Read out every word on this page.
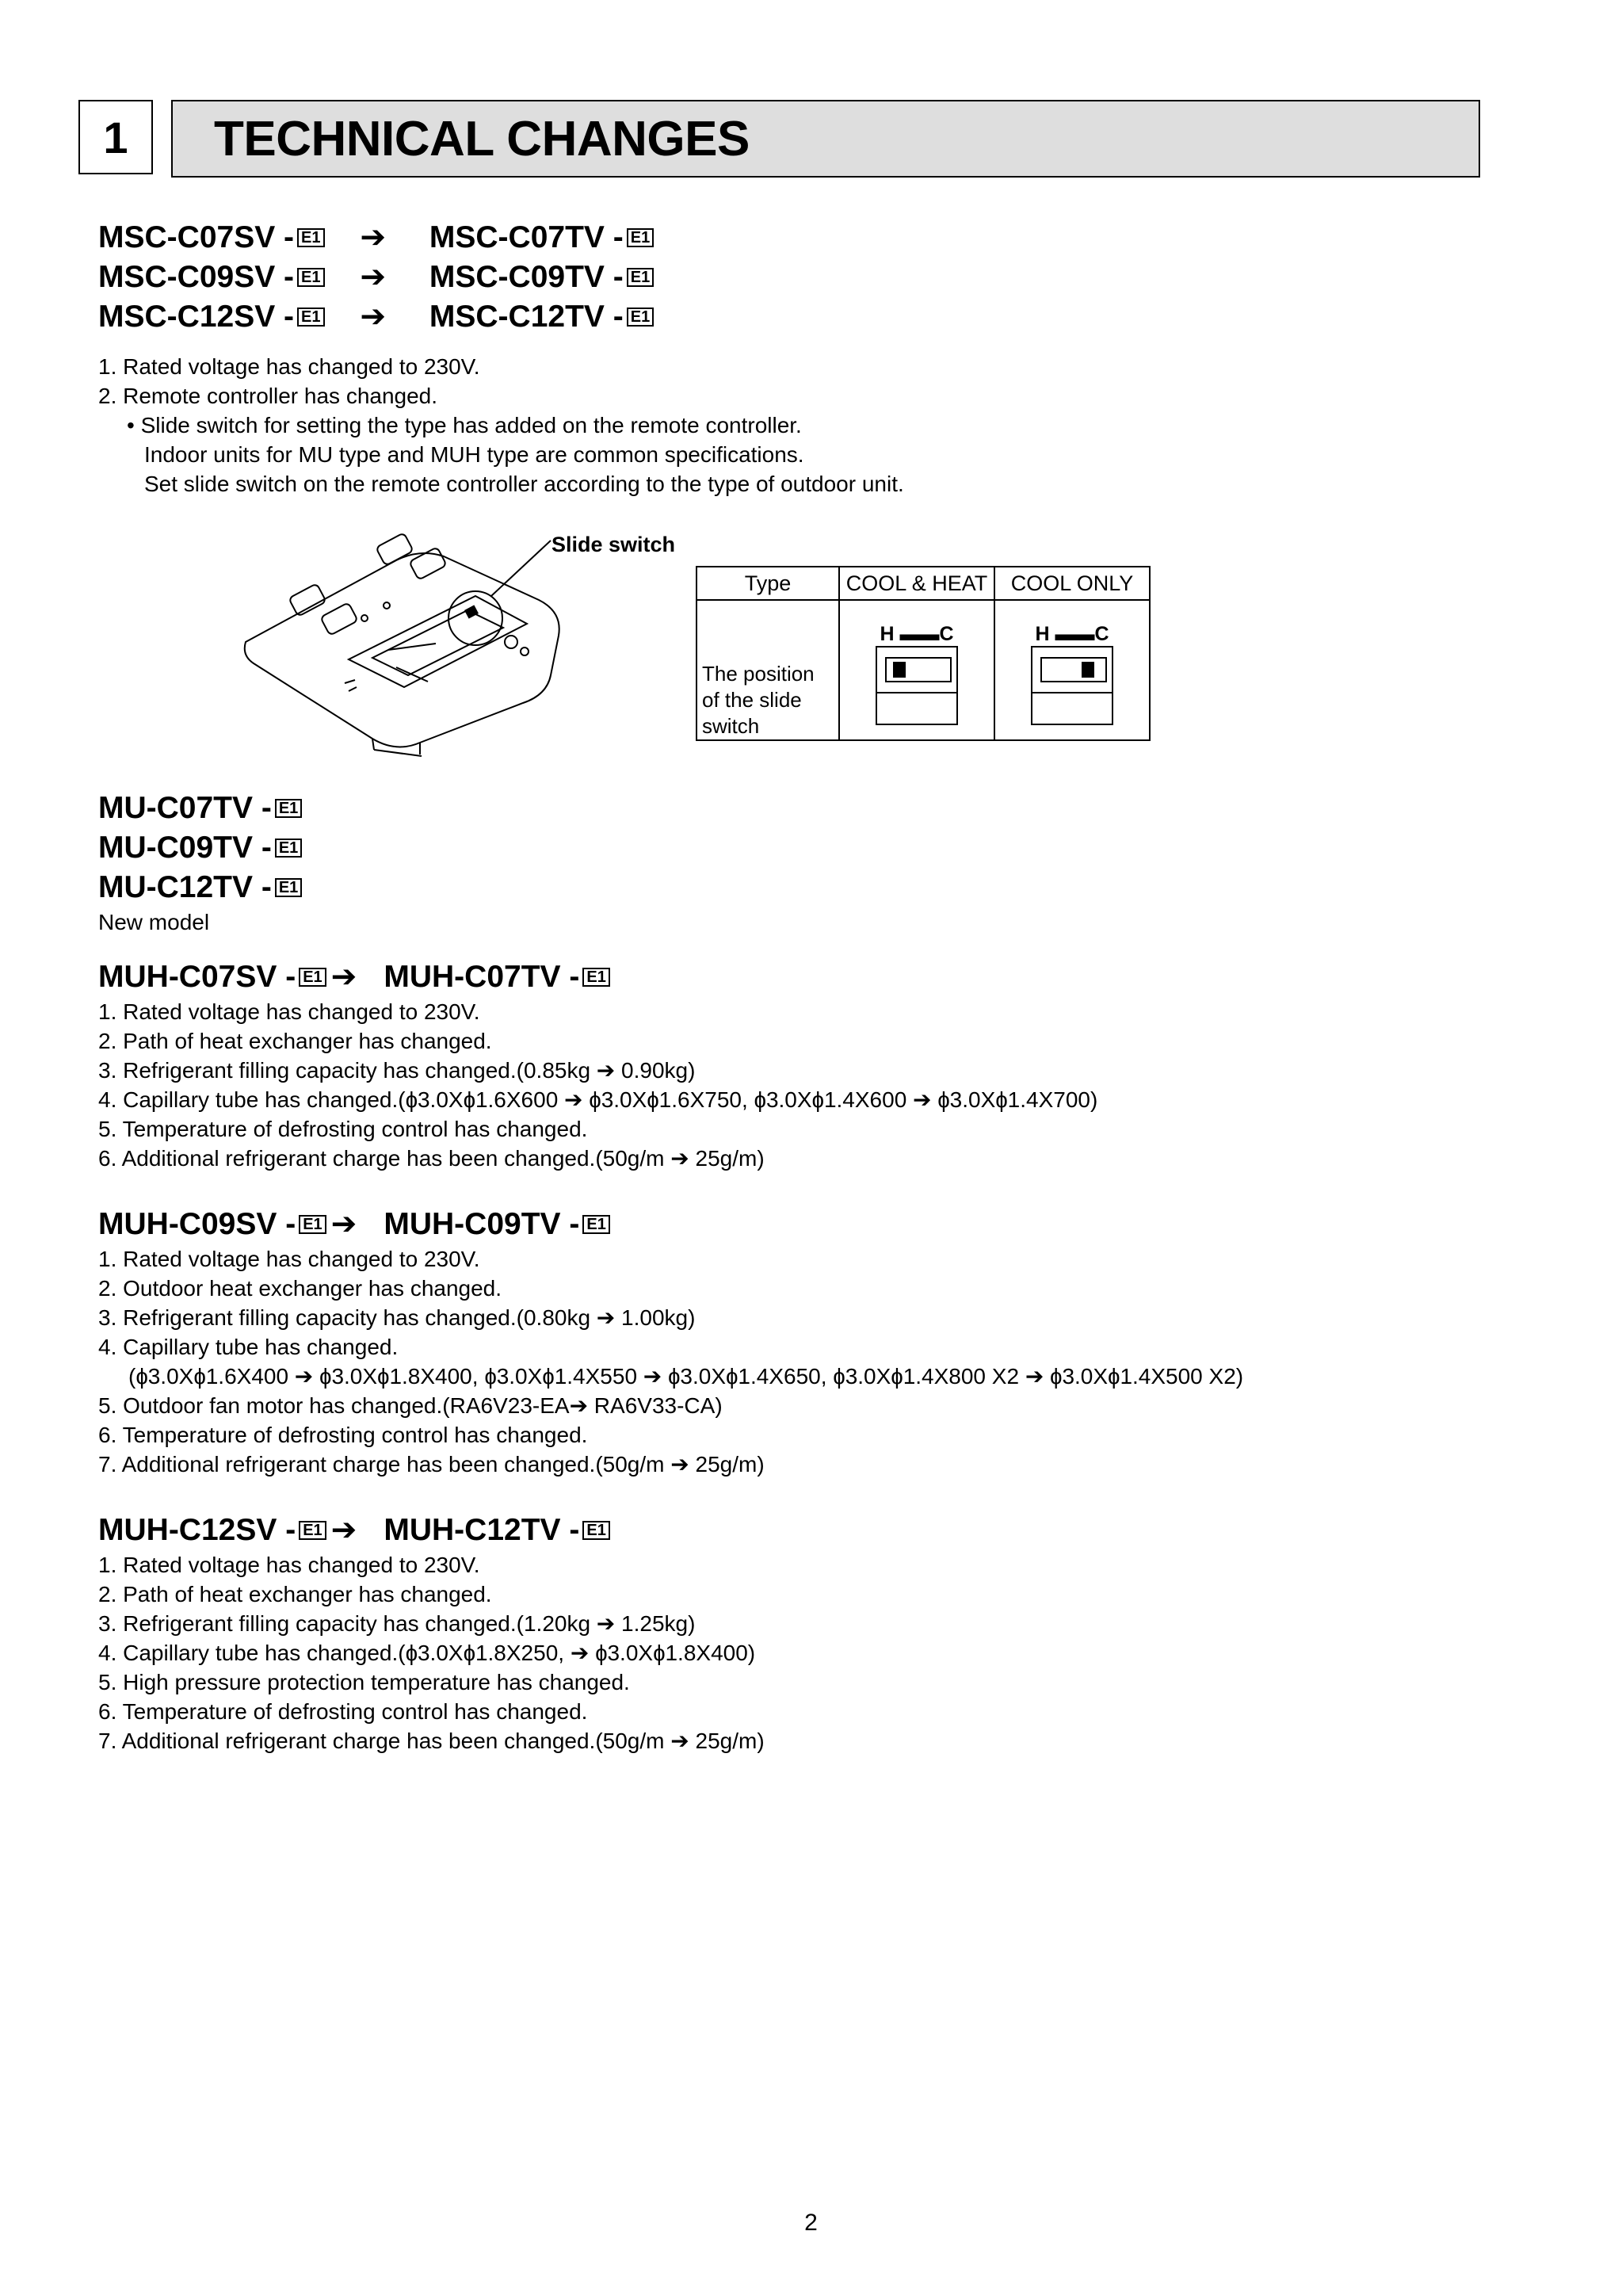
1	TECHNICAL CHANGES
MSC-C07SV - E1 ➔ MSC-C07TV - E1
MSC-C09SV - E1 ➔ MSC-C09TV - E1
MSC-C12SV - E1 ➔ MSC-C12TV - E1
1. Rated voltage has changed to 230V.
2. Remote controller has changed.
• Slide switch for setting the type has added on the remote controller.
Indoor units for MU type and MUH type are common specifications.
Set slide switch on the remote controller according to the type of outdoor unit.
Slide switch
Type	COOL & HEAT	COOL ONLY

The position of the slide switch	H ▬▬C	H ▬▬C
MU-C07TV - E1
MU-C09TV - E1
MU-C12TV - E1
New model
MUH-C07SV - E1 ➔ MUH-C07TV - E1
1. Rated voltage has changed to 230V.
2. Path of heat exchanger has changed.
3. Refrigerant filling capacity has changed.(0.85kg ➔ 0.90kg)
4. Capillary tube has changed.(ɸ3.0Xɸ1.6X600 ➔ ɸ3.0Xɸ1.6X750, ɸ3.0Xɸ1.4X600 ➔ ɸ3.0Xɸ1.4X700)
5. Temperature of defrosting control has changed.
6. Additional refrigerant charge has been changed.(50g/m ➔ 25g/m)
MUH-C09SV - E1 ➔ MUH-C09TV - E1
1. Rated voltage has changed to 230V.
2. Outdoor heat exchanger has changed.
3. Refrigerant filling capacity has changed.(0.80kg ➔ 1.00kg)
4. Capillary tube has changed.
(ɸ3.0Xɸ1.6X400 ➔ ɸ3.0Xɸ1.8X400, ɸ3.0Xɸ1.4X550 ➔ ɸ3.0Xɸ1.4X650, ɸ3.0Xɸ1.4X800 X2 ➔ ɸ3.0Xɸ1.4X500 X2)
5. Outdoor fan motor has changed.(RA6V23-EA➔ RA6V33-CA)
6. Temperature of defrosting control has changed.
7. Additional refrigerant charge has been changed.(50g/m ➔ 25g/m)
MUH-C12SV - E1 ➔ MUH-C12TV - E1
1. Rated voltage has changed to 230V.
2. Path of heat exchanger has changed.
3. Refrigerant filling capacity has changed.(1.20kg ➔ 1.25kg)
4. Capillary tube has changed.(ɸ3.0Xɸ1.8X250, ➔ ɸ3.0Xɸ1.8X400)
5. High pressure protection temperature has changed.
6. Temperature of defrosting control has changed.
7. Additional refrigerant charge has been changed.(50g/m ➔ 25g/m)
2
